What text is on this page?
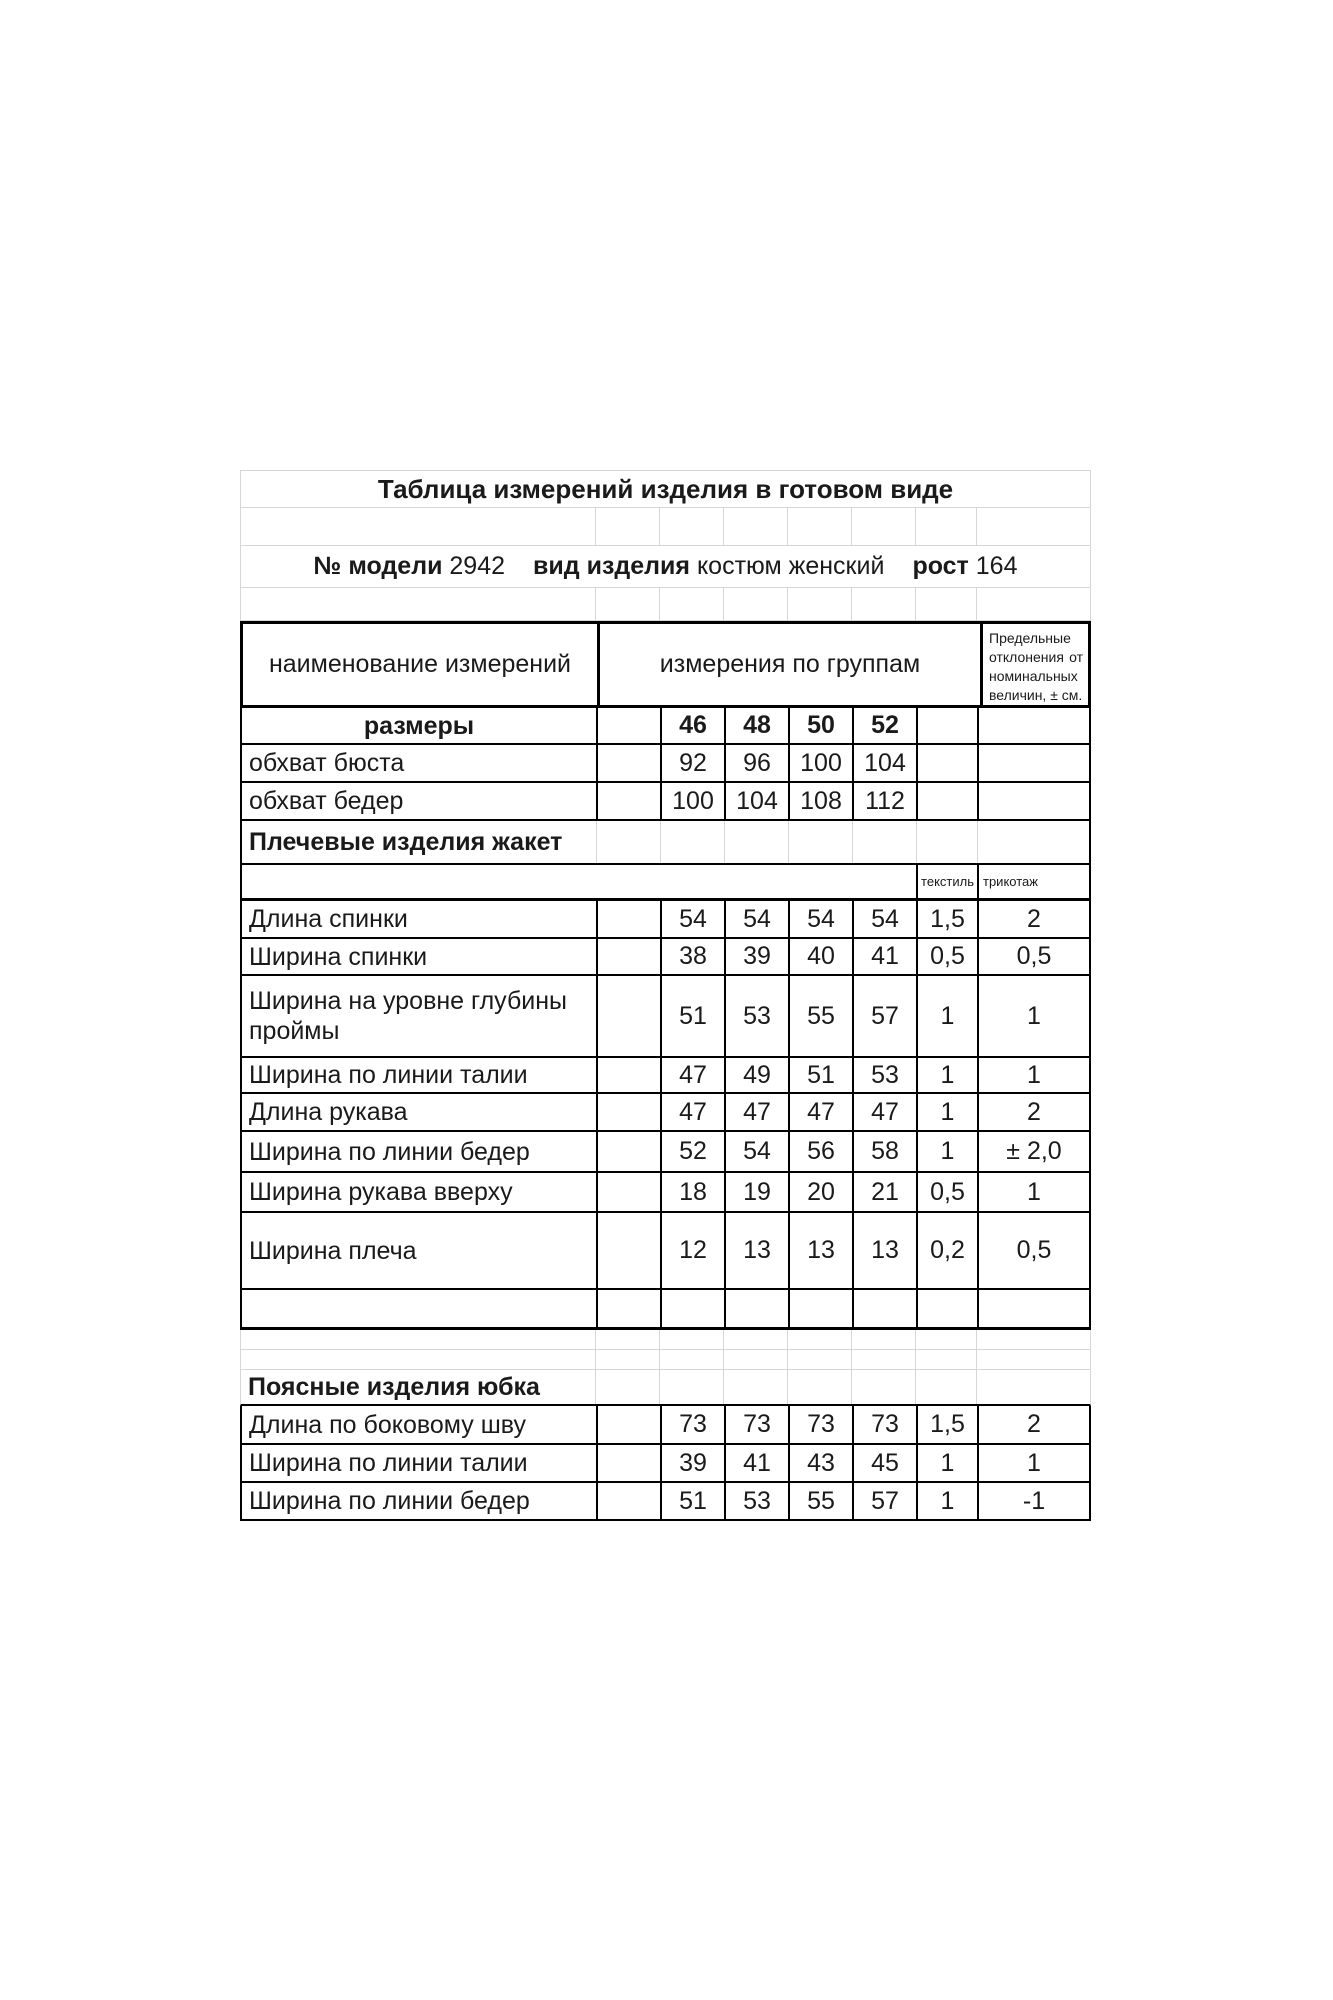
Таблица измерений изделия в готовом виде
№ модели
2942 вид изделия
костюм женский рост
164
наименование измерений	измерения по группам
Предельные отклонения от номинальных величин, ± см.
размеры	46	48	50	52
обхват бюста	92	96	100 104
обхват бедер	100 104 108 112
Плечевые изделия жакет
текстиль трикотаж
Длина спинки	54	54	54	54	1,5	2
Ширина спинки	38	39	40	41	0,5	0,5
Ширина на уровне глубины проймы
51	53	55	57	1	1
Ширина по линии талии	47	49	51	53	1	1
Длина рукава	47	47	47	47	1	2
Ширина по линии бедер	52	54	56	58	1	± 2,0
Ширина рукава вверху	18	19	20	21	0,5	1
Ширина плеча	12	13	13	13	0,2	0,5
Поясные изделия юбка
Длина по боковому шву	73	73	73	73	1,5	2
Ширина по линии талии	39	41	43	45	1	1
Ширина по линии бедер	51	53	55	57	1	-1
